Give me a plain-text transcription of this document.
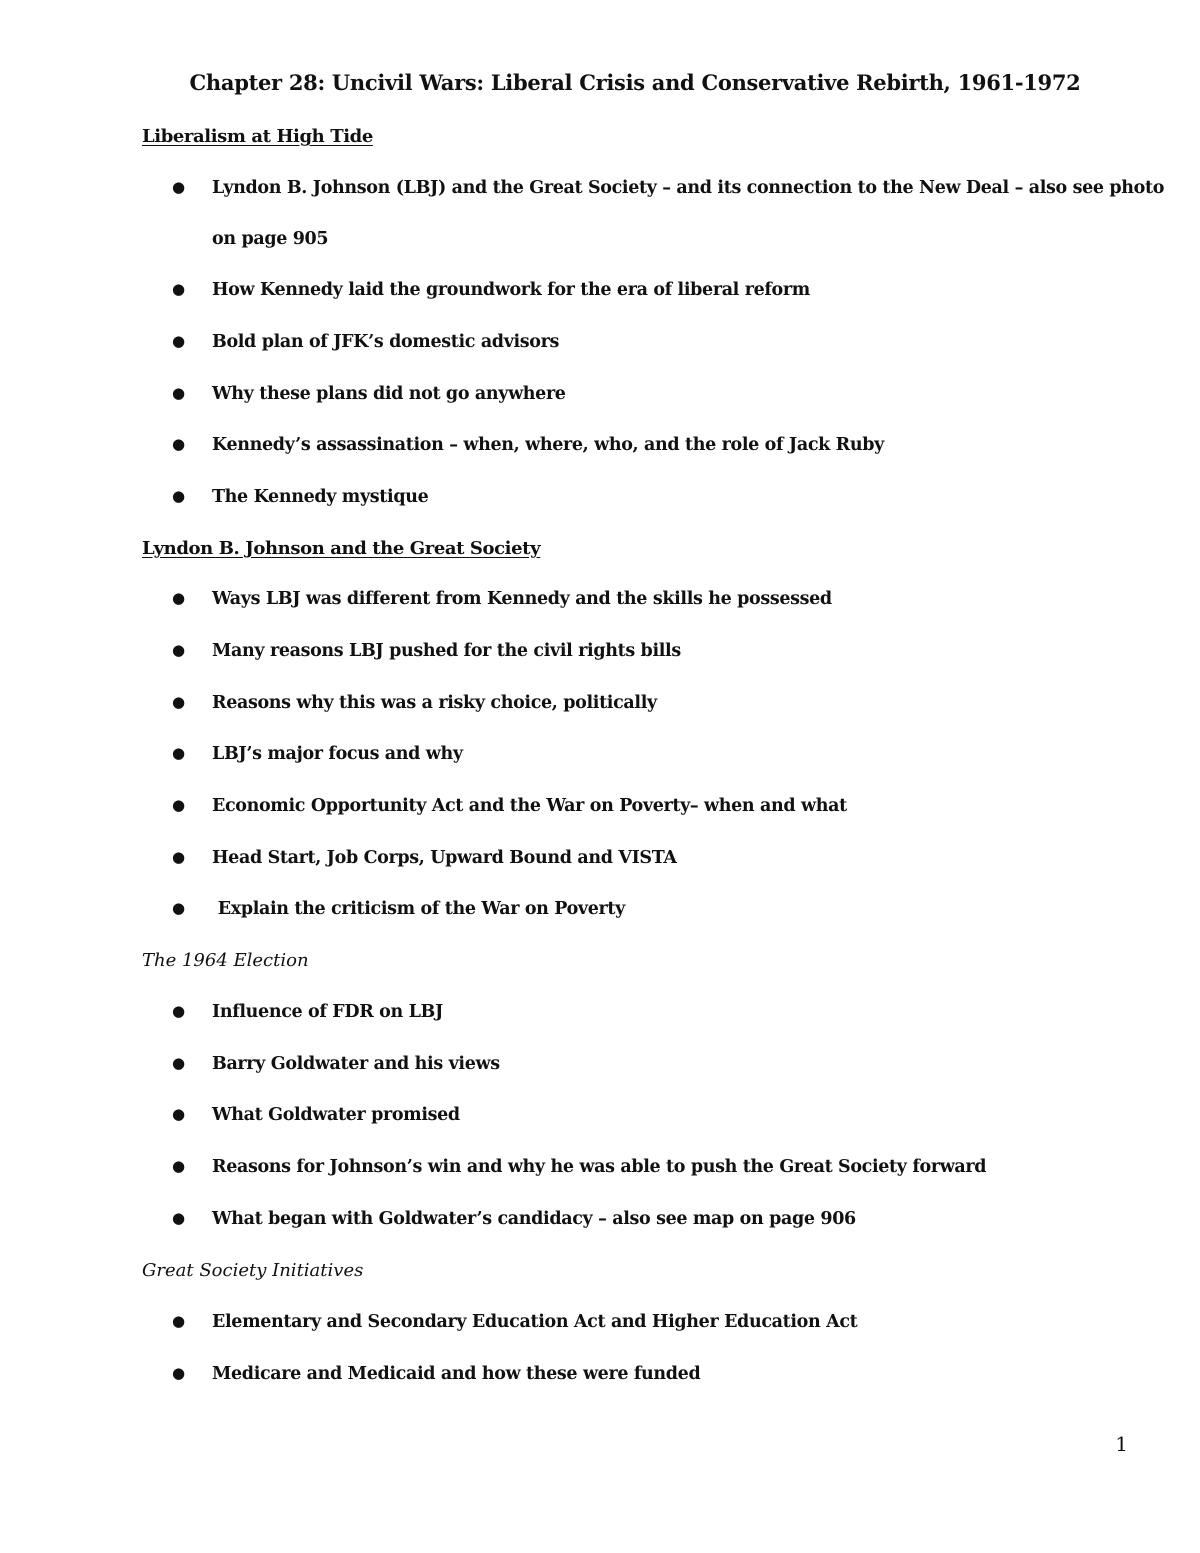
Chapter 28: Uncivil Wars: Liberal Crisis and Conservative Rebirth, 1961-1972
Liberalism at High Tide
● Lyndon B. Johnson (LBJ) and the Great Society – and its connection to the New Deal – also see photo
on page 905
● How Kennedy laid the groundwork for the era of liberal reform
● Bold plan of JFK’s domestic advisors
● Why these plans did not go anywhere
● Kennedy’s assassination – when, where, who, and the role of Jack Ruby
● The Kennedy mystique
Lyndon B. Johnson and the Great Society
● Ways LBJ was different from Kennedy and the skills he possessed
● Many reasons LBJ pushed for the civil rights bills
● Reasons why this was a risky choice, politically
● LBJ’s major focus and why
● Economic Opportunity Act and the War on Poverty– when and what
● Head Start, Job Corps, Upward Bound and VISTA
● Explain the criticism of the War on Poverty
The 1964 Election
● Influence of FDR on LBJ
● Barry Goldwater and his views
● What Goldwater promised
● Reasons for Johnson’s win and why he was able to push the Great Society forward
● What began with Goldwater’s candidacy – also see map on page 906
Great Society Initiatives
● Elementary and Secondary Education Act and Higher Education Act
● Medicare and Medicaid and how these were funded
1
